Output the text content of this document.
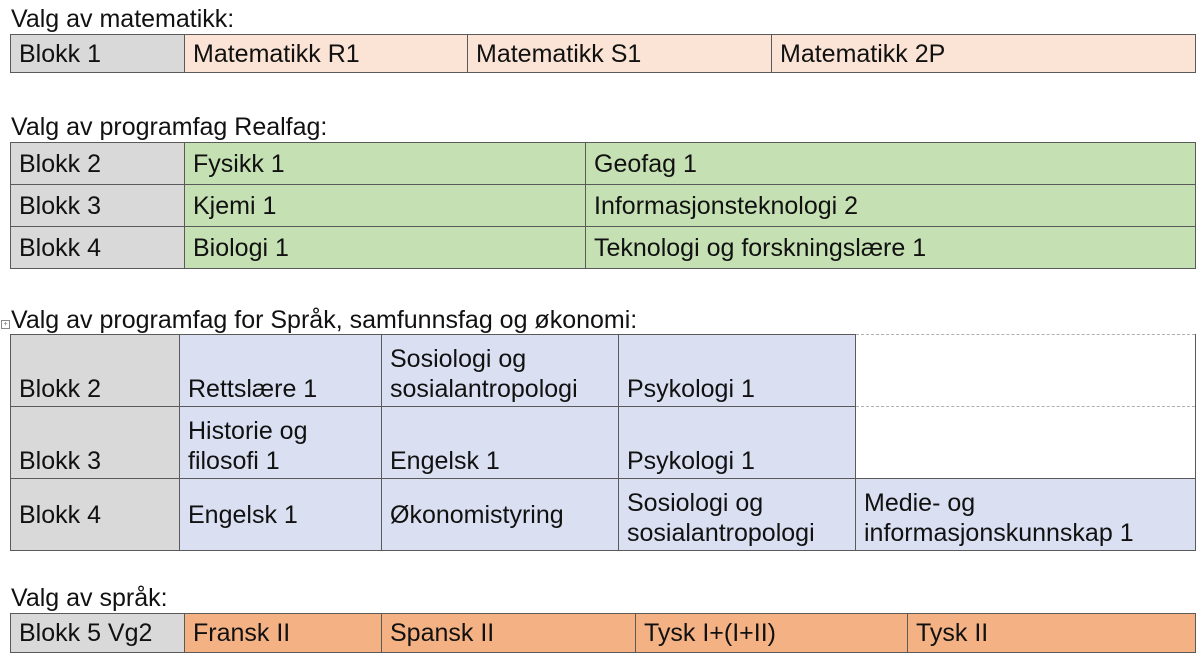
Valg av matematikk:
Blokk 1	Matematikk R1	Matematikk S1	Matematikk 2P
Valg av programfag Realfag:
Blokk 2	Fysikk 1	Geofag 1
Blokk 3	Kjemi 1	Informasjonsteknologi 2
Blokk 4	Biologi 1	Teknologi og forskningslære 1
+ Valg av programfag for Språk, samfunnsfag og økonomi:
Blokk 2	Rettslære 1	Sosiologi og
sosialantropologi	Psykologi 1	
Blokk 3	Historie og
filosofi 1	Engelsk 1	Psykologi 1	
Blokk 4	Engelsk 1	Økonomistyring	Sosiologi og
sosialantropologi	Medie- og
informasjonskunnskap 1
Valg av språk:
Blokk 5 Vg2	Fransk II	Spansk II	Tysk I+(I+II)	Tysk II
